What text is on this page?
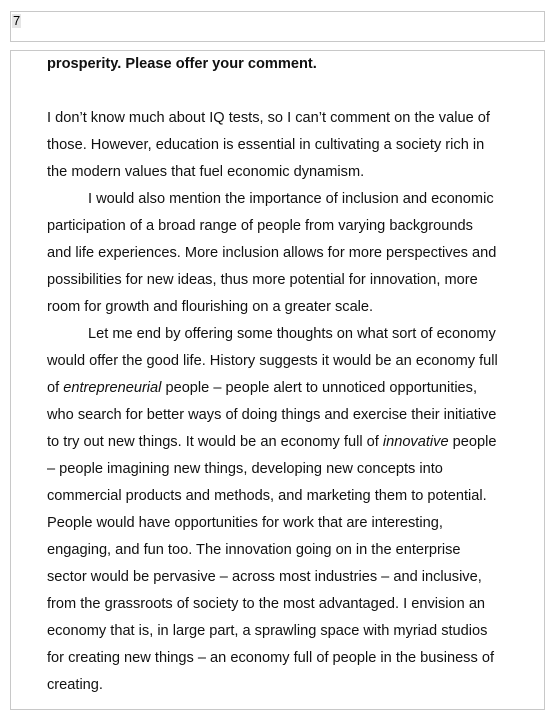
7

prosperity. Please offer your comment.

I don’t know much about IQ tests, so I can’t comment on the value of
those. However, education is essential in cultivating a society rich in
the modern values that fuel economic dynamism.

I would also mention the importance of inclusion and economic
participation of a broad range of people from varying backgrounds
and life experiences. More inclusion allows for more perspectives and
possibilities for new ideas, thus more potential for innovation, more
room for growth and flourishing on a greater scale.

Let me end by offering some thoughts on what sort of economy
would offer the good life. History suggests it would be an economy full
of entrepreneurial people – people alert to unnoticed opportunities,
who search for better ways of doing things and exercise their initiative
to try out new things. It would be an economy full of innovative people
– people imagining new things, developing new concepts into
commercial products and methods, and marketing them to potential.
People would have opportunities for work that are interesting,
engaging, and fun too. The innovation going on in the enterprise
sector would be pervasive – across most industries – and inclusive,
from the grassroots of society to the most advantaged. I envision an
economy that is, in large part, a sprawling space with myriad studios
for creating new things – an economy full of people in the business of
creating.
